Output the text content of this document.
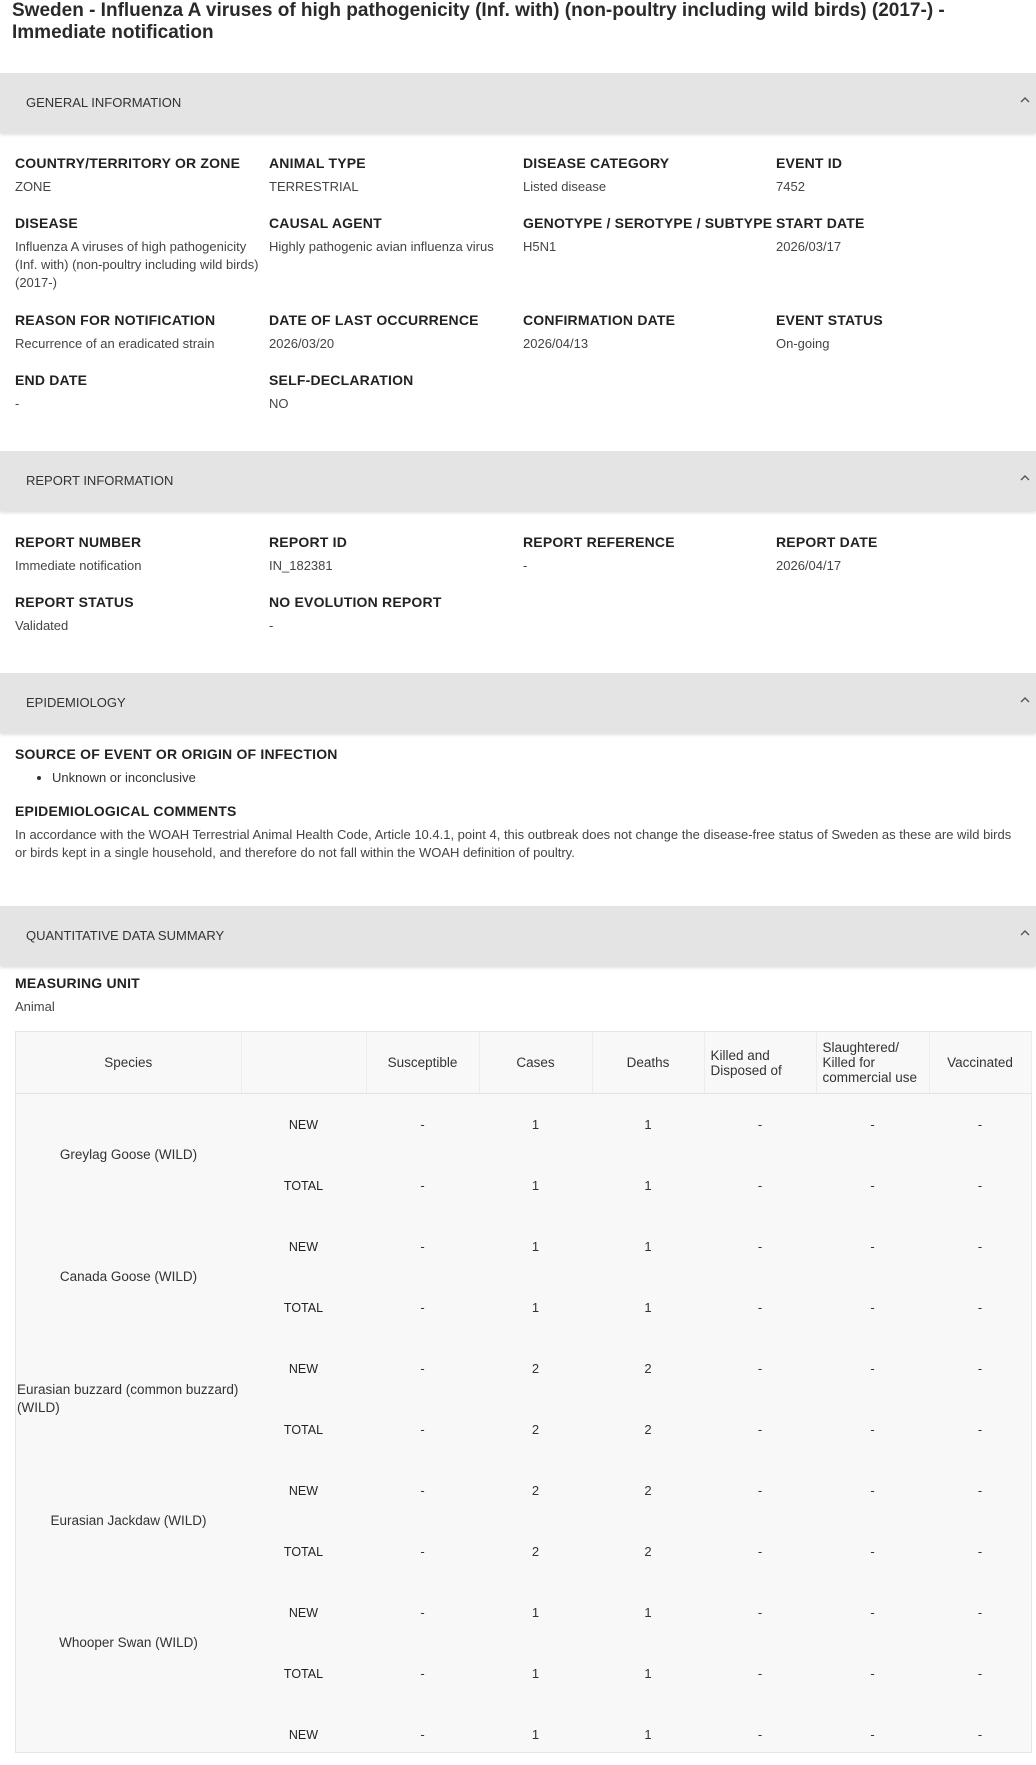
Sweden - Influenza A viruses of high pathogenicity (Inf. with) (non-poultry including wild birds) (2017-) - Immediate notification
GENERAL INFORMATION
COUNTRY/TERRITORY OR ZONE
ZONE
ANIMAL TYPE
TERRESTRIAL
DISEASE CATEGORY
Listed disease
EVENT ID
7452
DISEASE
Influenza A viruses of high pathogenicity (Inf. with) (non-poultry including wild birds) (2017-)
CAUSAL AGENT
Highly pathogenic avian influenza virus
GENOTYPE / SEROTYPE / SUBTYPE
H5N1
START DATE
2026/03/17
REASON FOR NOTIFICATION
Recurrence of an eradicated strain
DATE OF LAST OCCURRENCE
2026/03/20
CONFIRMATION DATE
2026/04/13
EVENT STATUS
On-going
END DATE
-
SELF-DECLARATION
NO
REPORT INFORMATION
REPORT NUMBER
Immediate notification
REPORT ID
IN_182381
REPORT REFERENCE
-
REPORT DATE
2026/04/17
REPORT STATUS
Validated
NO EVOLUTION REPORT
-
EPIDEMIOLOGY
SOURCE OF EVENT OR ORIGIN OF INFECTION
• Unknown or inconclusive
EPIDEMIOLOGICAL COMMENTS
In accordance with the WOAH Terrestrial Animal Health Code, Article 10.4.1, point 4, this outbreak does not change the disease-free status of Sweden as these are wild birds or birds kept in a single household, and therefore do not fall within the WOAH definition of poultry.
QUANTITATIVE DATA SUMMARY
MEASURING UNIT
Animal
Species		Susceptible	Cases	Deaths	Killed and Disposed of	Slaughtered/ Killed for commercial use	Vaccinated
Greylag Goose (WILD)	NEW	-	1	1	-	-	-
	TOTAL	-	1	1	-	-	-
Canada Goose (WILD)	NEW	-	1	1	-	-	-
	TOTAL	-	1	1	-	-	-
Eurasian buzzard (common buzzard) (WILD)	NEW	-	2	2	-	-	-
	TOTAL	-	2	2	-	-	-
Eurasian Jackdaw (WILD)	NEW	-	2	2	-	-	-
	TOTAL	-	2	2	-	-	-
Whooper Swan (WILD)	NEW	-	1	1	-	-	-
	TOTAL	-	1	1	-	-	-
	NEW	-	1	1	-	-	-
